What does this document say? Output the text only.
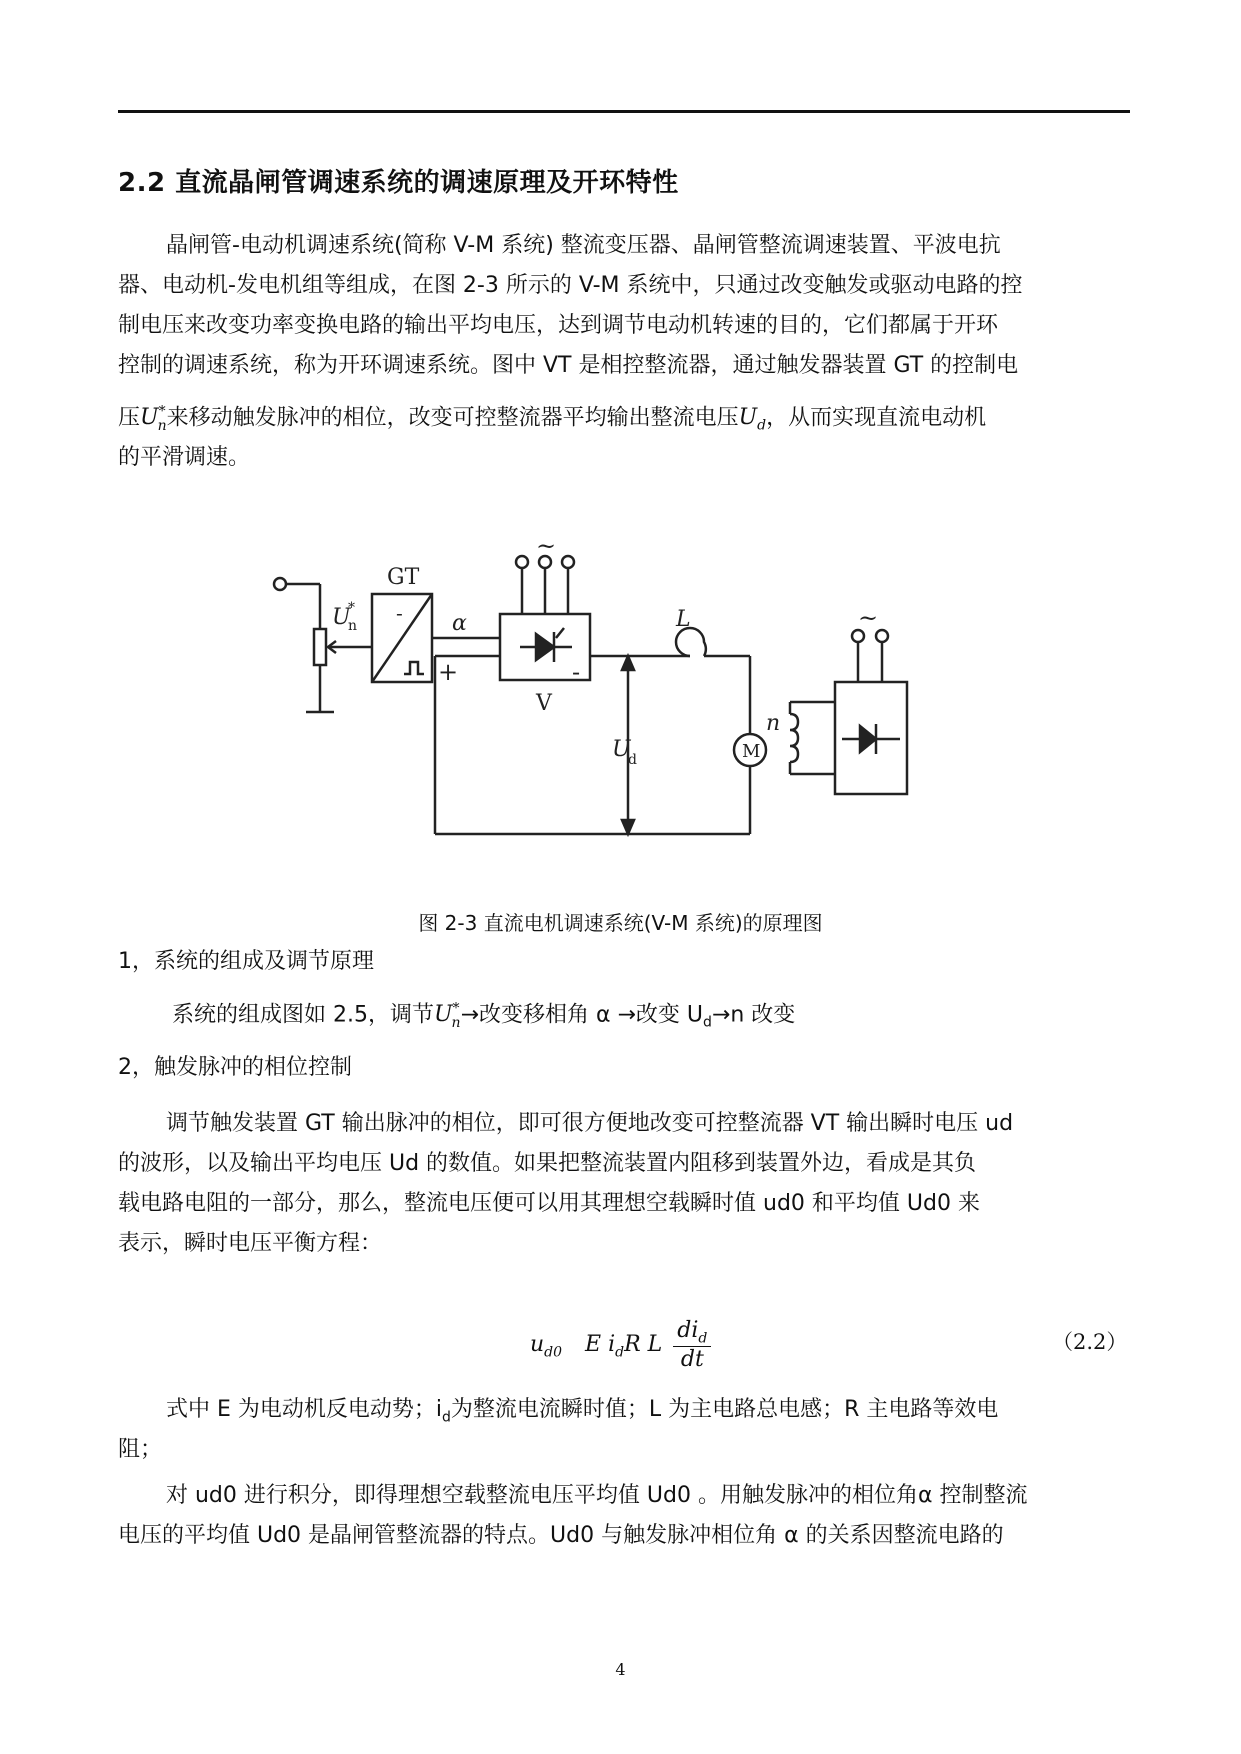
2.2 直流晶闸管调速系统的调速原理及开环特性
晶闸管-电动机调速系统(简称 V-M 系统) 整流变压器、晶闸管整流调速装置、平波电抗
器、电动机-发电机组等组成，在图 2-3 所示的 V-M 系统中，只通过改变触发或驱动电路的控
制电压来改变功率变换电路的输出平均电压，达到调节电动机转速的目的，它们都属于开环
控制的调速系统，称为开环调速系统。图中 VT 是相控整流器，通过触发器装置 GT 的控制电
压$U^*_n$来移动触发脉冲的相位，改变可控整流器平均输出整流电压$U_d$，从而实现直流电动机
的平滑调速。
GT
-
U
*
n	α
~
+	-
V
L
U
d
n
M
~
图 2-3 直流电机调速系统(V-M 系统)的原理图
1，系统的组成及调节原理
系统的组成图如 2.5，调节$U^*_n\to$改变移相角 α →改变 $U_d\to n$ 改变
2，触发脉冲的相位控制
调节触发装置 GT 输出脉冲的相位，即可很方便地改变可控整流器 VT 输出瞬时电压 ud
的波形，以及输出平均电压 Ud 的数值。如果把整流装置内阻移到装置外边，看成是其负
载电路电阻的一部分，那么，整流电压便可以用其理想空载瞬时值 ud0 和平均值 Ud0 来
表示，瞬时电压平衡方程：
$u_{d0}$ E $i_dR$ L
$di_d$
dt
（2.2）
式中 E 为电动机反电动势；$i_d$为整流电流瞬时值；L 为主电路总电感；R 主电路等效电
阻；
对 ud0 进行积分，即得理想空载整流电压平均值 Ud0 。用触发脉冲的相位角α 控制整流
电压的平均值 Ud0 是晶闸管整流器的特点。Ud0 与触发脉冲相位角 α 的关系因整流电路的
4
